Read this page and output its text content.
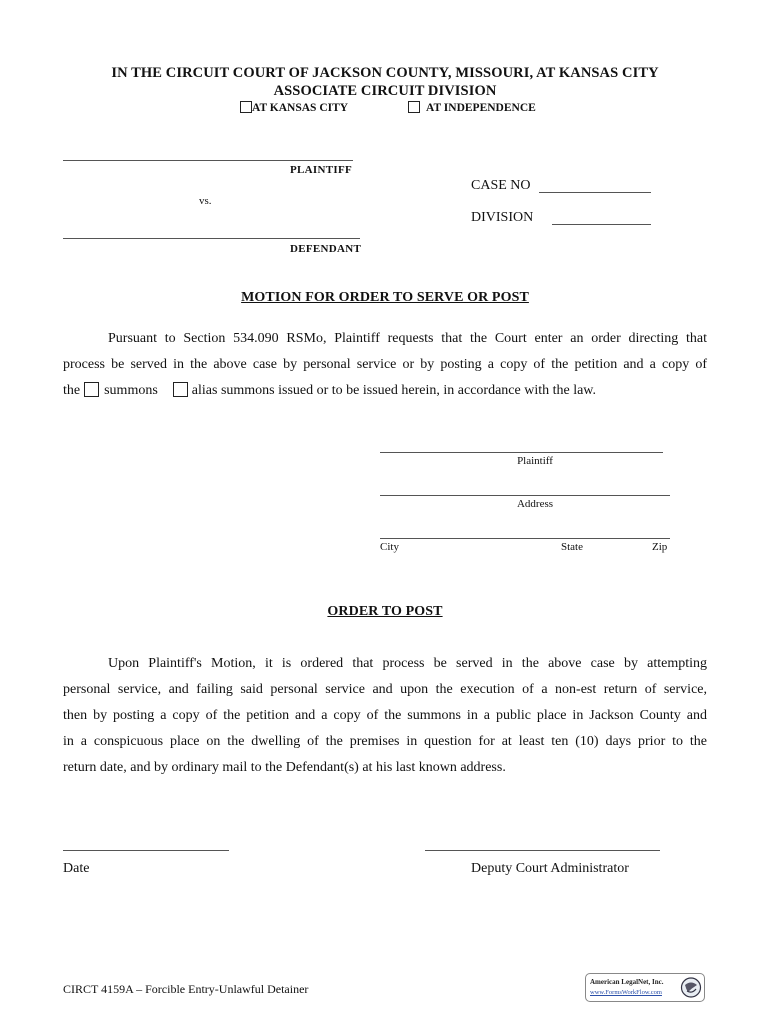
IN THE CIRCUIT COURT OF JACKSON COUNTY, MISSOURI, AT KANSAS CITY
ASSOCIATE CIRCUIT DIVISION
AT KANSAS CITY	AT INDEPENDENCE
PLAINTIFF
vs.
DEFENDANT
CASE NO
DIVISION
MOTION FOR ORDER TO SERVE OR POST
Pursuant to Section 534.090 RSMo, Plaintiff requests that the Court enter an order directing that
process be served in the above case by personal service or by posting a copy of the petition and a copy of
the summons alias summons issued or to be issued herein, in accordance with the law.
Plaintiff
Address
City	State	Zip
ORDER TO POST
Upon Plaintiff's Motion, it is ordered that process be served in the above case by attempting
personal service, and failing said personal service and upon the execution of a non-est return of service,
then by posting a copy of the petition and a copy of the summons in a public place in Jackson County and
in a conspicuous place on the dwelling of the premises in question for at least ten (10) days prior to the
return date, and by ordinary mail to the Defendant(s) at his last known address.
Date	Deputy Court Administrator
CIRCT 4159A – Forcible Entry-Unlawful Detainer	American LegalNet, Inc.
www.FormsWorkFlow.com
